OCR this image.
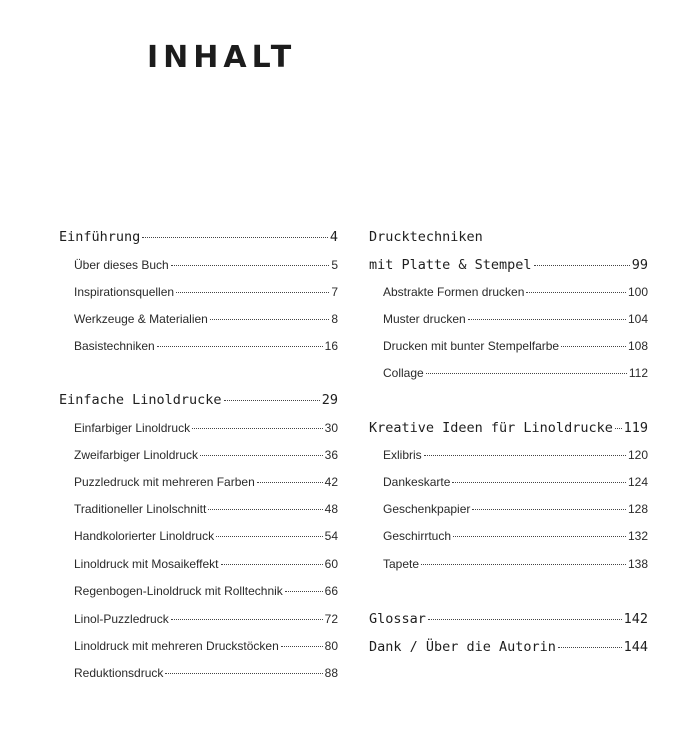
INHALT
Einführung	4
Über dieses Buch	5
Inspirationsquellen	7
Werkzeuge & Materialien	8
Basistechniken	16
Einfache Linoldrucke	29
Einfarbiger Linoldruck	30
Zweifarbiger Linoldruck	36
Puzzledruck mit mehreren Farben	42
Traditioneller Linolschnitt	48
Handkolorierter Linoldruck	54
Linoldruck mit Mosaikeffekt	60
Regenbogen-Linoldruck mit Rolltechnik	66
Linol-Puzzledruck	72
Linoldruck mit mehreren Druckstöcken	80
Reduktionsdruck	88
Drucktechniken
mit Platte & Stempel	99
Abstrakte Formen drucken	100
Muster drucken	104
Drucken mit bunter Stempelfarbe	108
Collage	112
Kreative Ideen für Linoldrucke 119
Exlibris	120
Dankeskarte	124
Geschenkpapier	128
Geschirrtuch	132
Tapete	138
Glossar	142
Dank / Über die Autorin	144
